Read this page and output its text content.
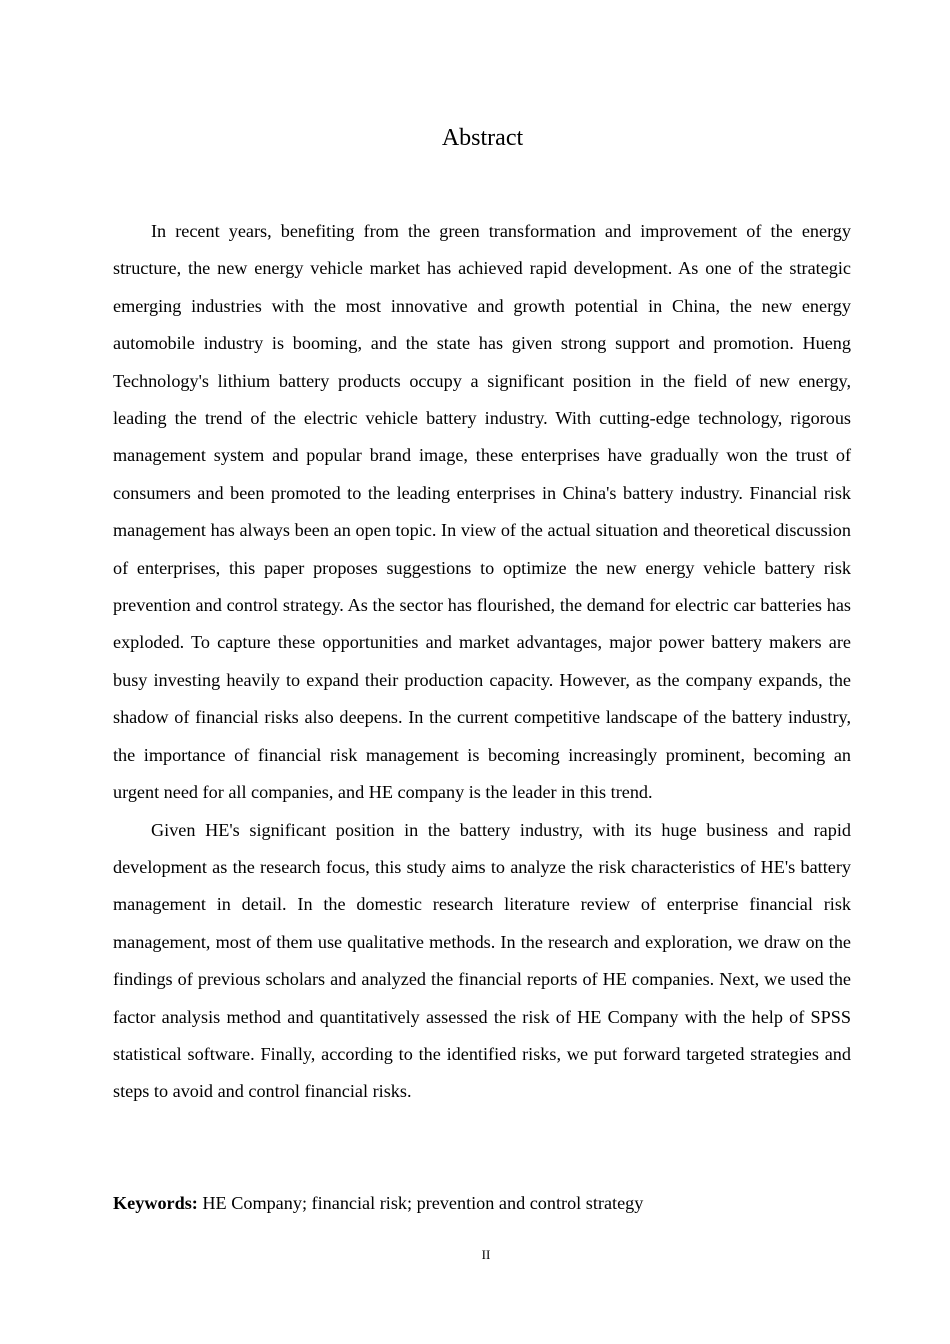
Abstract

In recent years, benefiting from the green transformation and improvement of the energy structure, the new energy vehicle market has achieved rapid development. As one of the strategic emerging industries with the most innovative and growth potential in China, the new energy automobile industry is booming, and the state has given strong support and promotion. Hueng Technology's lithium battery products occupy a significant position in the field of new energy, leading the trend of the electric vehicle battery industry. With cutting-edge technology, rigorous management system and popular brand image, these enterprises have gradually won the trust of consumers and been promoted to the leading enterprises in China's battery industry. Financial risk management has always been an open topic. In view of the actual situation and theoretical discussion of enterprises, this paper proposes suggestions to optimize the new energy vehicle battery risk prevention and control strategy. As the sector has flourished, the demand for electric car batteries has exploded. To capture these opportunities and market advantages, major power battery makers are busy investing heavily to expand their production capacity. However, as the company expands, the shadow of financial risks also deepens. In the current competitive landscape of the battery industry, the importance of financial risk management is becoming increasingly prominent, becoming an urgent need for all companies, and HE company is the leader in this trend.

Given HE's significant position in the battery industry, with its huge business and rapid development as the research focus, this study aims to analyze the risk characteristics of HE's battery management in detail. In the domestic research literature review of enterprise financial risk management, most of them use qualitative methods. In the research and exploration, we draw on the findings of previous scholars and analyzed the financial reports of HE companies. Next, we used the factor analysis method and quantitatively assessed the risk of HE Company with the help of SPSS statistical software. Finally, according to the identified risks, we put forward targeted strategies and steps to avoid and control financial risks.

Keywords: HE Company; financial risk; prevention and control strategy

II
